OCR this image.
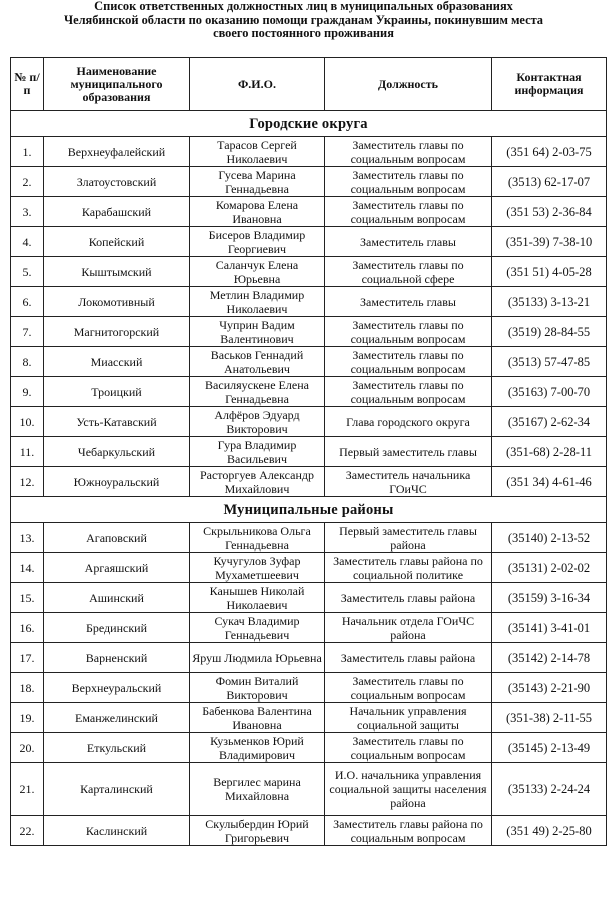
Список ответственных должностных лиц в муниципальных образованиях
Челябинской области по оказанию помощи гражданам Украины, покинувшим места
своего постоянного проживания
№ п/п	Наименование муниципального образования	Ф.И.О.	Должность	Контактная информация
Городские округа				
1.	Верхнеуфалейский	Тарасов Сергей Николаевич	Заместитель главы по социальным вопросам	(351 64) 2-03-75
2.	Златоустовский	Гусева Марина Геннадьевна	Заместитель главы по социальным вопросам	(3513) 62-17-07
3.	Карабашский	Комарова Елена Ивановна	Заместитель главы по социальным вопросам	(351 53) 2-36-84
4.	Копейский	Бисеров Владимир Георгиевич	Заместитель главы	(351-39) 7-38-10
5.	Кыштымский	Саланчук Елена Юрьевна	Заместитель главы по социальной сфере	(351 51) 4-05-28
6.	Локомотивный	Метлин Владимир Николаевич	Заместитель главы	(35133) 3-13-21
7.	Магнитогорский	Чуприн Вадим Валентинович	Заместитель главы по социальным вопросам	(3519) 28-84-55
8.	Миасский	Васьков Геннадий Анатольевич	Заместитель главы по социальным вопросам	(3513) 57-47-85
9.	Троицкий	Василяускене Елена Геннадьевна	Заместитель главы по социальным вопросам	(35163) 7-00-70
10.	Усть-Катавский	Алфёров Эдуард Викторович	Глава городского округа	(35167) 2-62-34
11.	Чебаркульский	Гура Владимир Васильевич	Первый заместитель главы	(351-68) 2-28-11
12.	Южноуральский	Расторгуев Александр Михайлович	Заместитель начальника ГОиЧС	(351 34) 4-61-46
Муниципальные районы				
13.	Агаповский	Скрыльникова Ольга Геннадьевна	Первый заместитель главы района	(35140) 2-13-52
14.	Аргаяшский	Кучугулов Зуфар Мухаметшеевич	Заместитель главы района по социальной политике	(35131) 2-02-02
15.	Ашинский	Канышев Николай Николаевич	Заместитель главы района	(35159) 3-16-34
16.	Брединский	Сукач Владимир Геннадьевич	Начальник отдела ГОиЧС района	(35141) 3-41-01
17.	Варненский	Яруш Людмила Юрьевна	Заместитель главы района	(35142) 2-14-78
18.	Верхнеуральский	Фомин Виталий Викторович	Заместитель главы по социальным вопросам	(35143) 2-21-90
19.	Еманжелинский	Бабенкова Валентина Ивановна	Начальник управления социальной защиты	(351-38) 2-11-55
20.	Еткульский	Кузьменков Юрий Владимирович	Заместитель главы по социальным вопросам	(35145) 2-13-49
21.	Карталинский	Вергилес марина Михайловна	И.О. начальника управления социальной защиты населения района	(35133) 2-24-24
22.	Каслинский	Скулыбердин Юрий Григорьевич	Заместитель главы района по социальным вопросам	(351 49) 2-25-80
